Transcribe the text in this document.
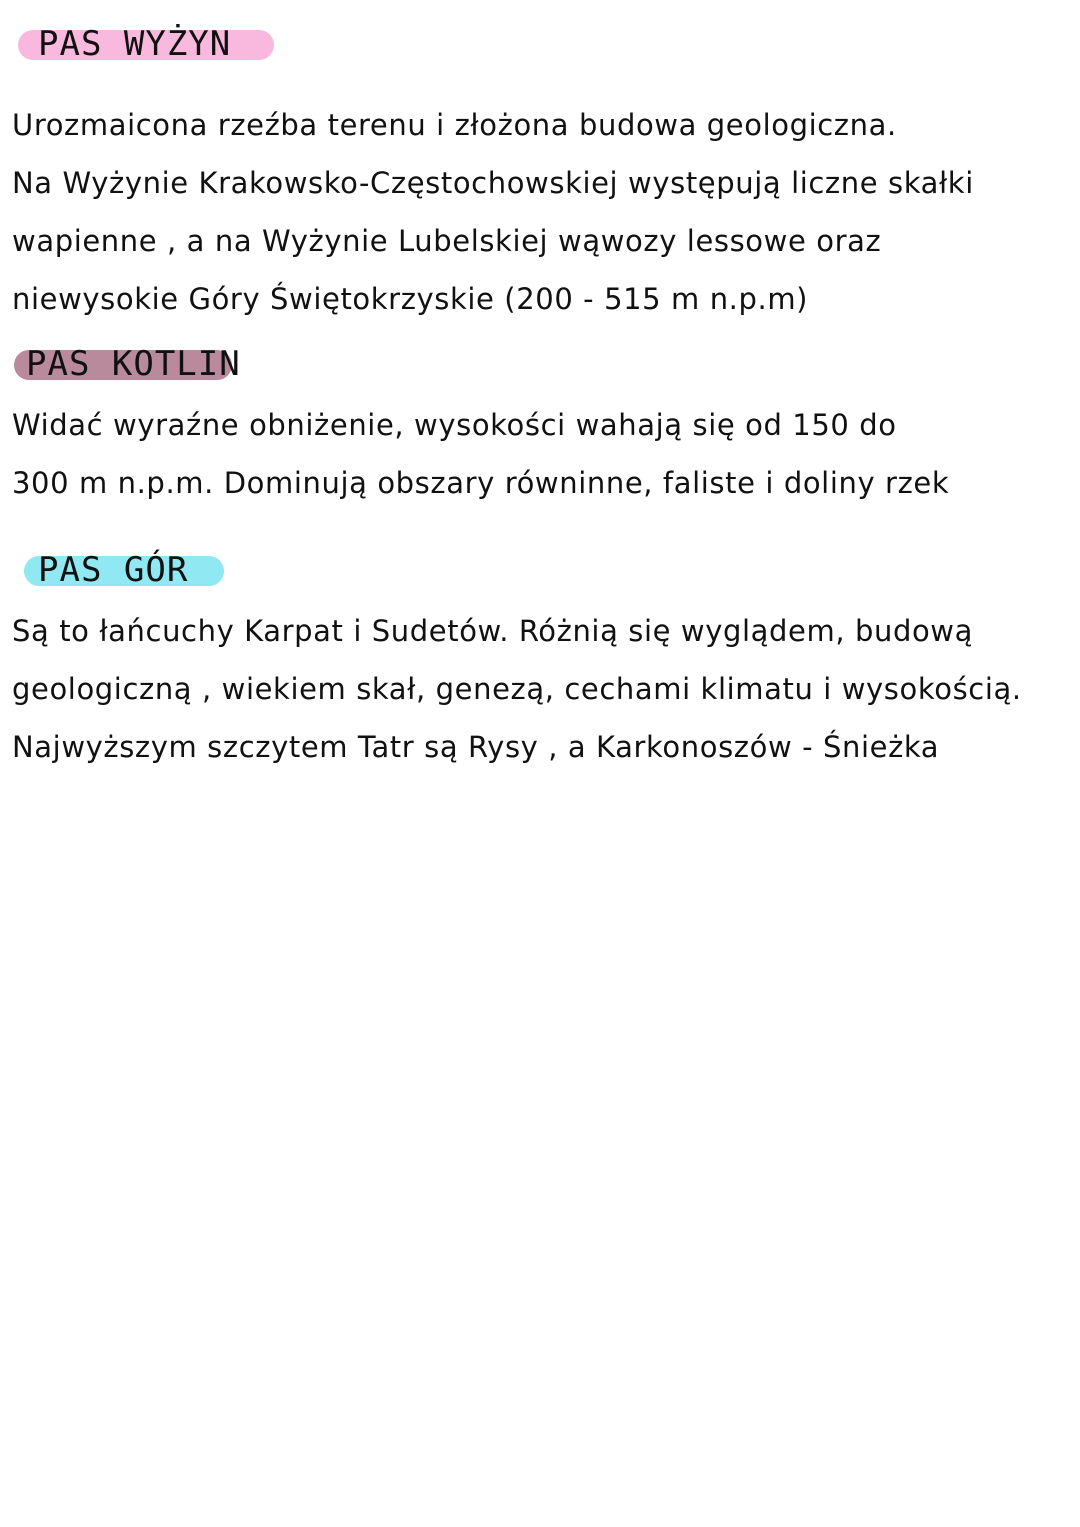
PAS WYŻYN
Urozmaicona rzeźba terenu i złożona budowa geologiczna.
Na Wyżynie Krakowsko-Częstochowskiej występują liczne skałki
wapienne , a na Wyżynie Lubelskiej wąwozy lessowe oraz
niewysokie Góry Świętokrzyskie (200 - 515 m n.p.m)
PAS KOTLIN
Widać wyraźne obniżenie, wysokości wahają się od 150 do
300 m n.p.m. Dominują obszary równinne, faliste i doliny rzek
PAS GÓR
Są to łańcuchy Karpat i Sudetów. Różnią się wyglądem, budową
geologiczną , wiekiem skał, genezą, cechami klimatu i wysokością.
Najwyższym szczytem Tatr są Rysy , a Karkonoszów - Śnieżka
